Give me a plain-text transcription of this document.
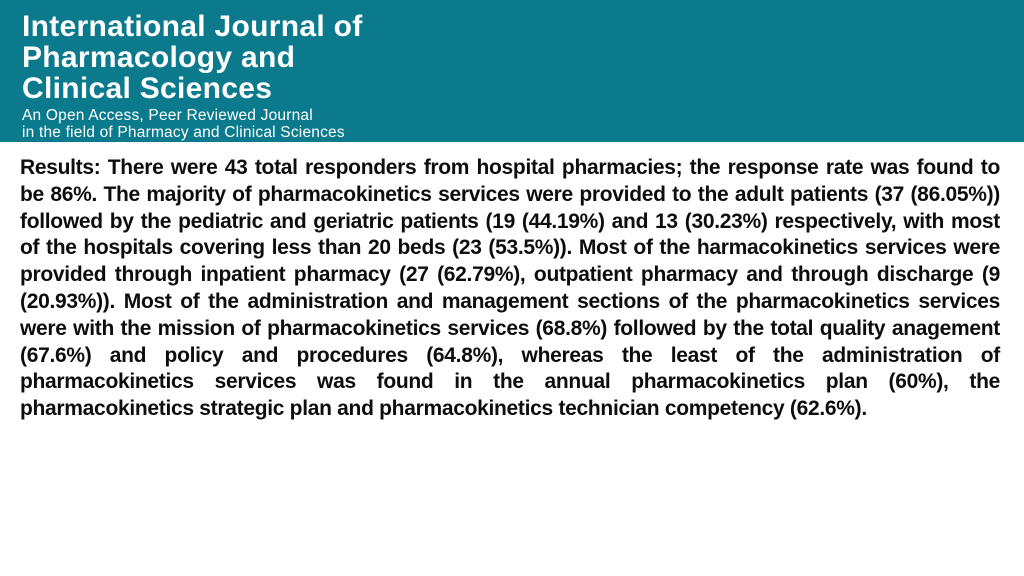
International Journal of
Pharmacology and
Clinical Sciences

An Open Access, Peer Reviewed Journal
in the field of Pharmacy and Clinical Sciences

Results: There were 43 total responders from hospital pharmacies; the response rate was found to be 86%. The majority of pharmacokinetics services were provided to the adult patients (37 (86.05%)) followed by the pediatric and geriatric patients (19 (44.19%) and 13 (30.23%) respectively, with most of the hospitals covering less than 20 beds (23 (53.5%)). Most of the harmacokinetics services were provided through inpatient pharmacy (27 (62.79%), outpatient pharmacy and through discharge (9 (20.93%)). Most of the administration and management sections of the pharmacokinetics services were with the mission of pharmacokinetics services (68.8%) followed by the total quality anagement (67.6%) and policy and procedures (64.8%), whereas the least of the administration of pharmacokinetics services was found in the annual pharmacokinetics plan (60%), the pharmacokinetics strategic plan and pharmacokinetics technician competency (62.6%).
